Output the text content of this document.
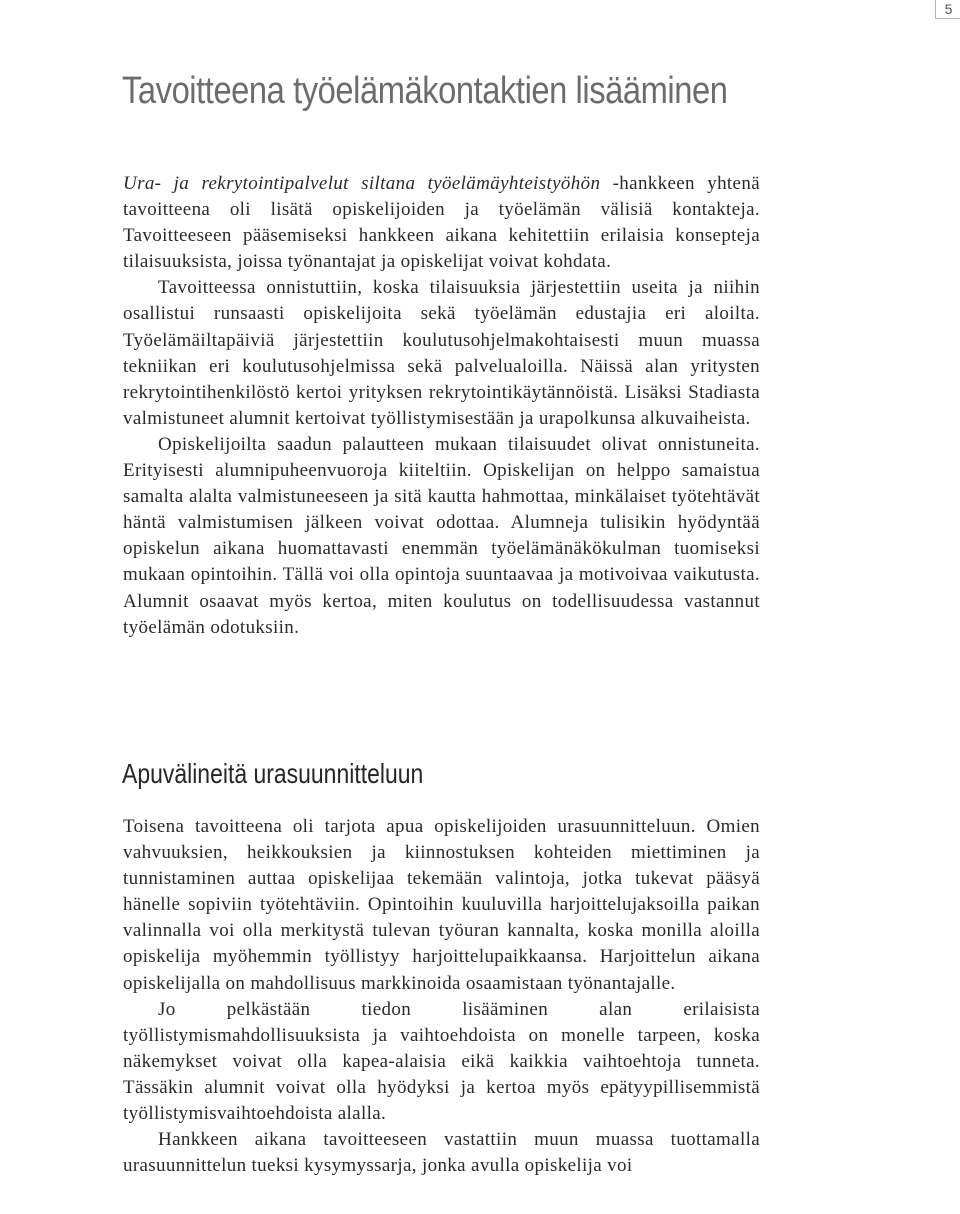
5
Tavoitteena työelämäkontaktien lisääminen

Ura- ja rekrytointipalvelut siltana työelämäyhteistyöhön -hankkeen yhtenä tavoitteena oli lisätä opiskelijoiden ja työelämän välisiä kontakteja. Tavoitteeseen pääsemiseksi hankkeen aikana kehitettiin erilaisia konsepteja tilaisuuksista, joissa työnantajat ja opiskelijat voivat kohdata.

Tavoitteessa onnistuttiin, koska tilaisuuksia järjestettiin useita ja niihin osallistui runsaasti opiskelijoita sekä työelämän edustajia eri aloilta. Työelämäiltapäiviä järjestettiin koulutusohjelmakohtaisesti muun muassa tekniikan eri koulutusohjelmissa sekä palvelualoilla. Näissä alan yritysten rekrytointihenkilöstö kertoi yrityksen rekrytointikäytännöistä. Lisäksi Stadiasta valmistuneet alumnit kertoivat työllistymisestään ja urapolkunsa alkuvaiheista.

Opiskelijoilta saadun palautteen mukaan tilaisuudet olivat onnistuneita. Erityisesti alumnipuheenvuoroja kiiteltiin. Opiskelijan on helppo samaistua samalta alalta valmistuneeseen ja sitä kautta hahmottaa, minkälaiset työtehtävät häntä valmistumisen jälkeen voivat odottaa. Alumneja tulisikin hyödyntää opiskelun aikana huomattavasti enemmän työelämänäkökulman tuomiseksi mukaan opintoihin. Tällä voi olla opintoja suuntaavaa ja motivoivaa vaikutusta. Alumnit osaavat myös kertoa, miten koulutus on todellisuudessa vastannut työelämän odotuksiin.

Apuvälineitä urasuunnitteluun

Toisena tavoitteena oli tarjota apua opiskelijoiden urasuunnitteluun. Omien vahvuuksien, heikkouksien ja kiinnostuksen kohteiden miettiminen ja tunnistaminen auttaa opiskelijaa tekemään valintoja, jotka tukevat pääsyä hänelle sopiviin työtehtäviin. Opintoihin kuuluvilla harjoittelujaksoilla paikan valinnalla voi olla merkitystä tulevan työuran kannalta, koska monilla aloilla opiskelija myöhemmin työllistyy harjoittelupaikkaansa. Harjoittelun aikana opiskelijalla on mahdollisuus markkinoida osaamistaan työnantajalle.

Jo pelkästään tiedon lisääminen alan erilaisista työllistymismahdollisuuksista ja vaihtoehdoista on monelle tarpeen, koska näkemykset voivat olla kapea-alaisia eikä kaikkia vaihtoehtoja tunneta. Tässäkin alumnit voivat olla hyödyksi ja kertoa myös epätyypillisemmistä työllistymisvaihtoehdoista alalla.

Hankkeen aikana tavoitteeseen vastattiin muun muassa tuottamalla urasuunnittelun tueksi kysymyssarja, jonka avulla opiskelija voi
